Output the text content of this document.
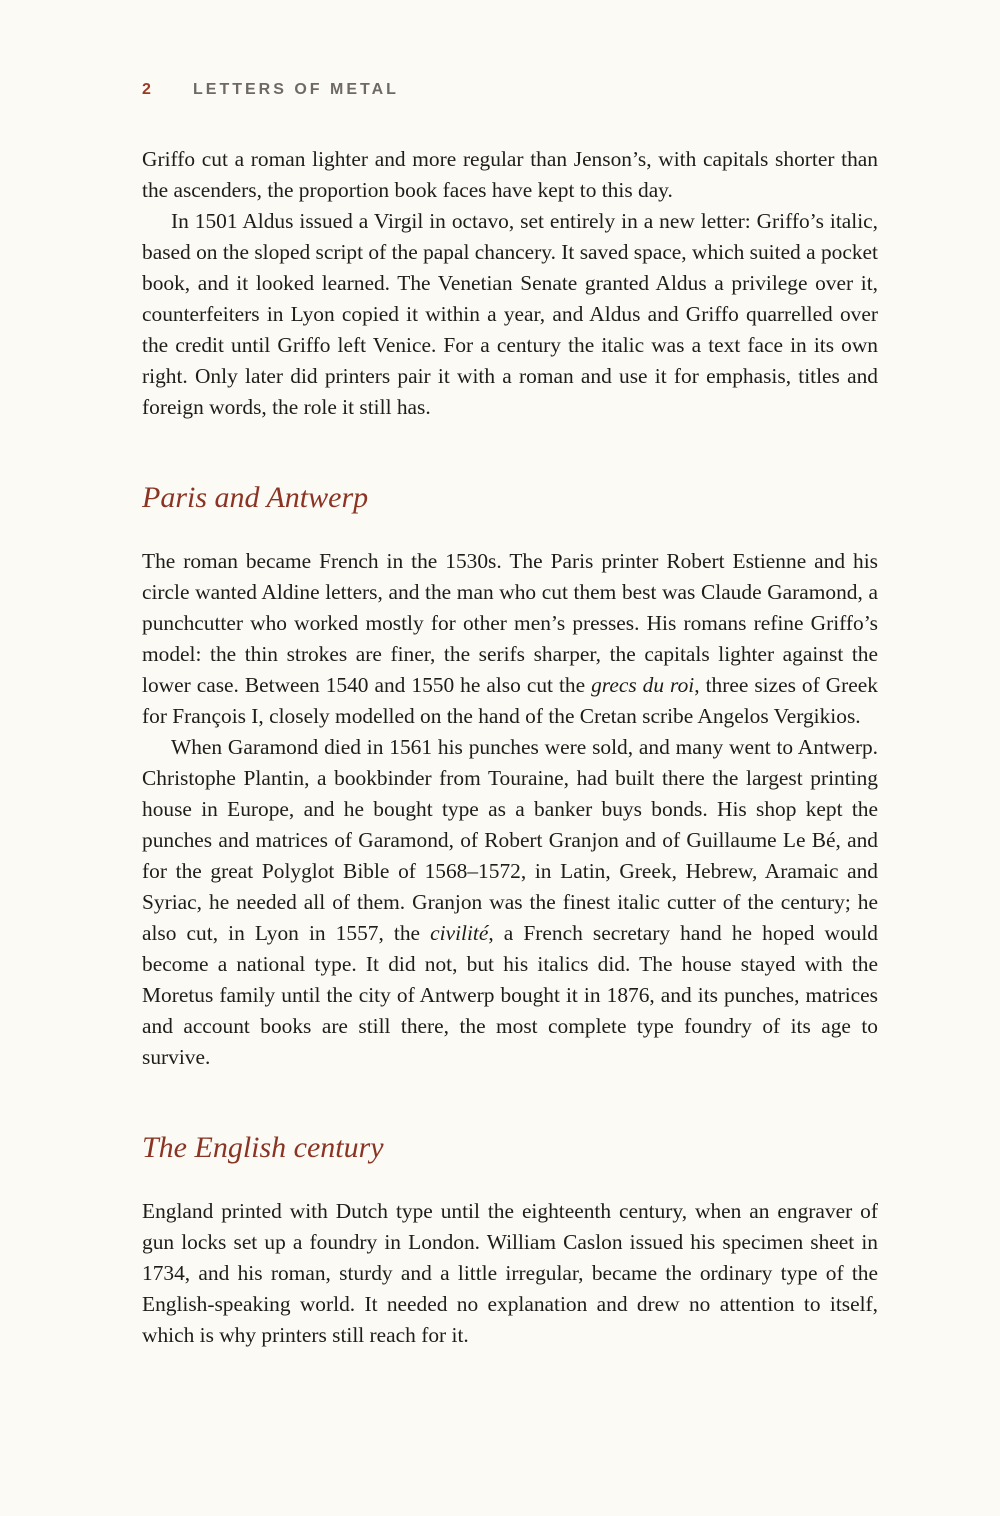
2	LETTERS OF METAL

Griffo cut a roman lighter and more regular than Jenson’s, with capitals shorter than the ascenders, the proportion book faces have kept to this day.

In 1501 Aldus issued a Virgil in octavo, set entirely in a new letter: Griffo’s italic, based on the sloped script of the papal chancery. It saved space, which suited a pocket book, and it looked learned. The Venetian Senate granted Aldus a privilege over it, counterfeiters in Lyon copied it within a year, and Aldus and Griffo quarrelled over the credit until Griffo left Venice. For a century the italic was a text face in its own right. Only later did printers pair it with a roman and use it for emphasis, titles and foreign words, the role it still has.

Paris and Antwerp

The roman became French in the 1530s. The Paris printer Robert Estienne and his circle wanted Aldine letters, and the man who cut them best was Claude Garamond, a punchcutter who worked mostly for other men’s presses. His romans refine Griffo’s model: the thin strokes are finer, the serifs sharper, the capitals lighter against the lower case. Between 1540 and 1550 he also cut the grecs du roi, three sizes of Greek for François I, closely modelled on the hand of the Cretan scribe Angelos Vergikios.

When Garamond died in 1561 his punches were sold, and many went to Antwerp. Christophe Plantin, a bookbinder from Touraine, had built there the largest printing house in Europe, and he bought type as a banker buys bonds. His shop kept the punches and matrices of Garamond, of Robert Granjon and of Guillaume Le Bé, and for the great Polyglot Bible of 1568–1572, in Latin, Greek, Hebrew, Aramaic and Syriac, he needed all of them. Granjon was the finest italic cutter of the century; he also cut, in Lyon in 1557, the civilité, a French secretary hand he hoped would become a national type. It did not, but his italics did. The house stayed with the Moretus family until the city of Antwerp bought it in 1876, and its punches, matrices and account books are still there, the most complete type foundry of its age to survive.

The English century

England printed with Dutch type until the eighteenth century, when an engraver of gun locks set up a foundry in London. William Caslon issued his specimen sheet in 1734, and his roman, sturdy and a little irregular, became the ordinary type of the English-speaking world. It needed no explanation and drew no attention to itself, which is why printers still reach for it.
